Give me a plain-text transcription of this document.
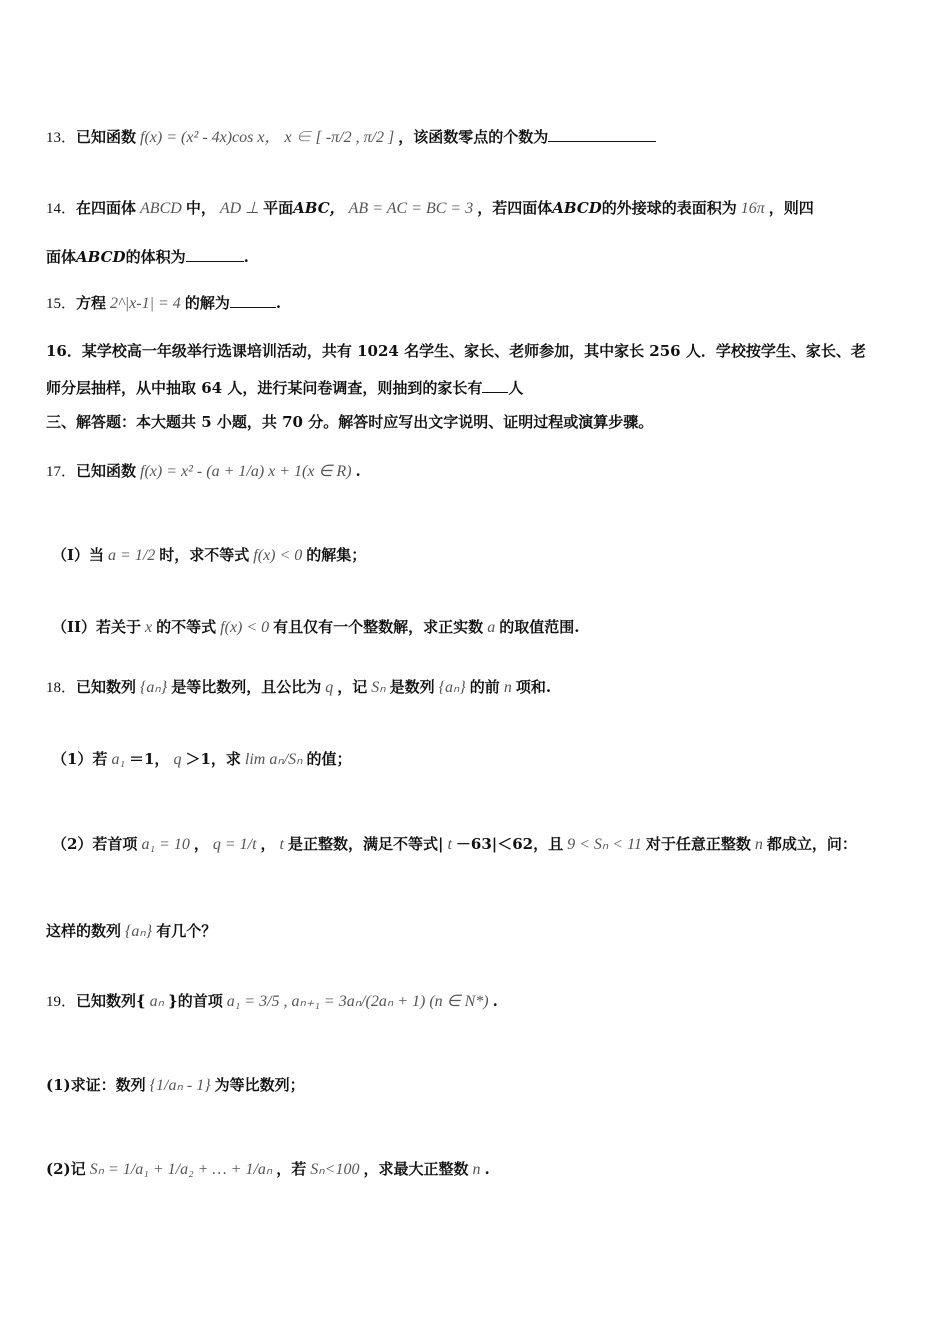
13．已知函数 f(x) = (x² - 4x)cos x， x ∈ [ -π/2 , π/2 ] ，该函数零点的个数为
14．在四面体 ABCD 中， AD ⊥ 平面ABC， AB = AC = BC = 3 ，若四面体ABCD的外接球的表面积为 16π ，则四
面体ABCD的体积为	.
15．方程 2^|x-1| = 4 的解为	.
16．某学校高一年级举行选课培训活动，共有 1024 名学生、家长、老师参加，其中家长 256 人．学校按学生、家长、老
师分层抽样，从中抽取 64 人，进行某问卷调查，则抽到的家长有 人
三、解答题：本大题共 5 小题，共 70 分。解答时应写出文字说明、证明过程或演算步骤。
17．已知函数 f(x) = x² - (a + 1/a) x + 1(x ∈ R) .
（I）当 a = 1/2 时，求不等式 f(x) < 0 的解集；
（II）若关于 x 的不等式 f(x) < 0 有且仅有一个整数解，求正实数 a 的取值范围.
18．已知数列 {aₙ} 是等比数列，且公比为 q ，记 Sₙ 是数列 {aₙ} 的前 n 项和.
（1）若 a₁ ＝1， q ＞1，求 lim aₙ/Sₙ 的值；
（2）若首项 a₁ = 10 ， q = 1/t ， t 是正整数，满足不等式| t －63|＜62，且 9 < Sₙ < 11 对于任意正整数 n 都成立，问：
这样的数列 {aₙ} 有几个？
19．已知数列{ aₙ }的首项 a₁ = 3/5 , aₙ₊₁ = 3aₙ/(2aₙ + 1) (n ∈ N*) .
(1)求证：数列 {1/aₙ - 1} 为等比数列；
(2)记 Sₙ = 1/a₁ + 1/a₂ + … + 1/aₙ ，若 Sₙ<100 ，求最大正整数 n .
